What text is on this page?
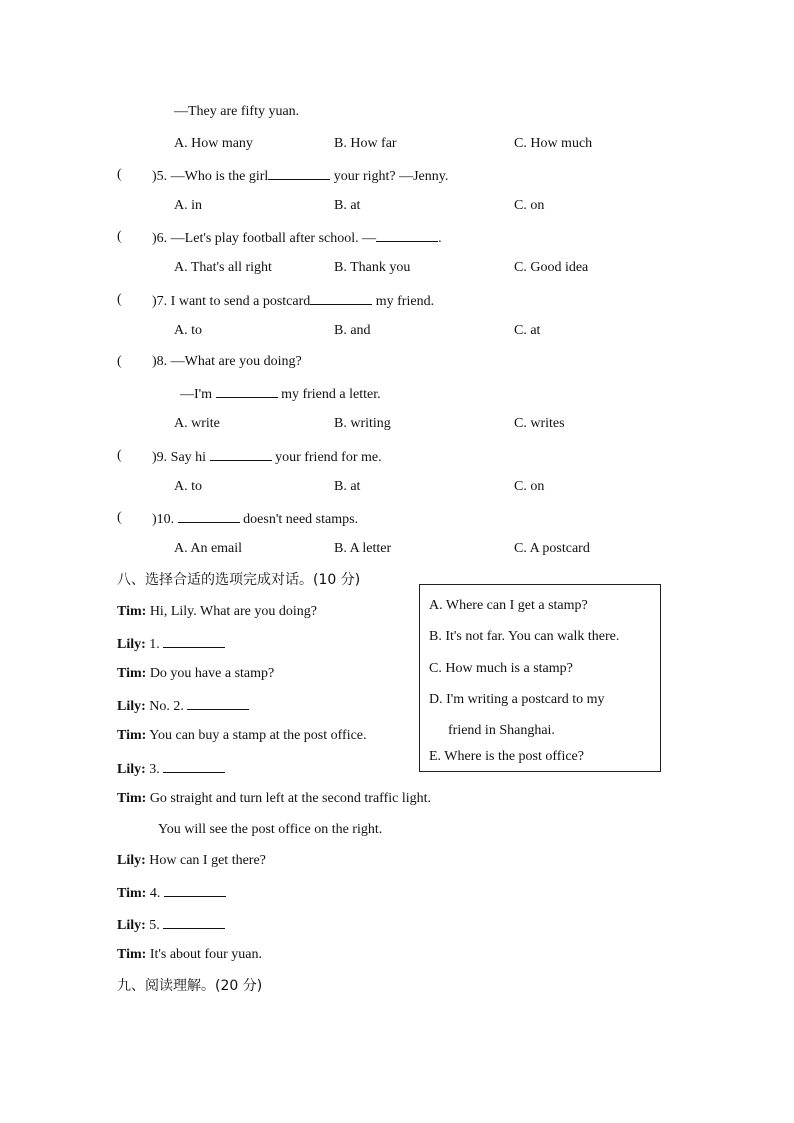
—They are fifty yuan.
A. How many	B. How far	C. How much
( )5. —Who is the girl	your right? —Jenny.
A. in	B. at	C. on
( )6. —Let's play football after school. —	.
A. That's all right	B. Thank you	C. Good idea
( )7. I want to send a postcard	my friend.
A. to	B. and	C. at
( )8. —What are you doing?
—I'm	my friend a letter.
A. write	B. writing	C. writes
( )9. Say hi	your friend for me.
A. to	B. at	C. on
( )10.	doesn't need stamps.
A. An email	B. A letter	C. A postcard
八、选择合适的选项完成对话。(10 分)
Tim: Hi, Lily. What are you doing?
Lily: 1.
Tim: Do you have a stamp?
Lily: No. 2.
Tim: You can buy a stamp at the post office.
Lily: 3.
Tim: Go straight and turn left at the second traffic light.
You will see the post office on the right.
Lily: How can I get there?
Tim: 4.
Lily: 5.
Tim: It's about four yuan.
A. Where can I get a stamp?
B. It's not far. You can walk there.
C. How much is a stamp?
D. I'm writing a postcard to my
friend in Shanghai.
E. Where is the post office?
九、阅读理解。(20 分)
